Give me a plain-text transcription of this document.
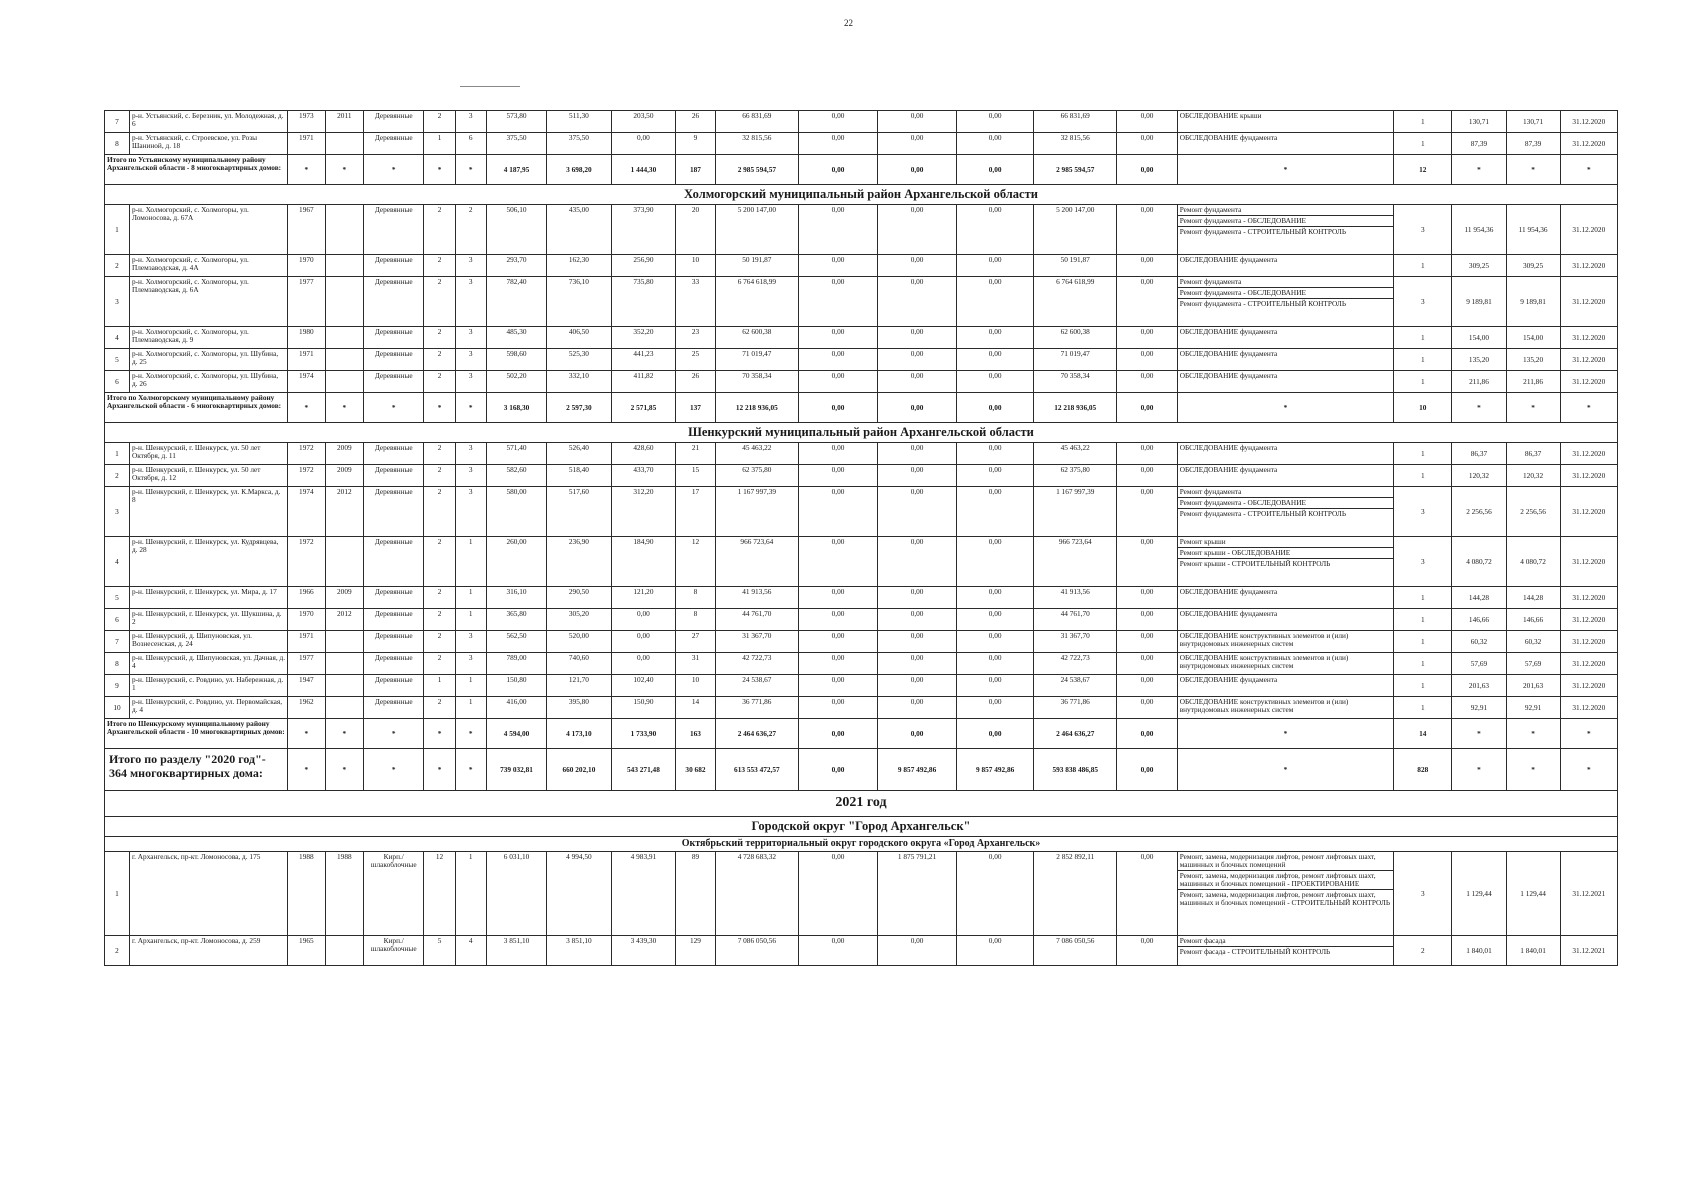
22
7	р-н. Устьянский, с. Березник, ул. Молодежная, д. 6	1973	2011	Деревянные	2	3	573,80	511,30	203,50	26	66 831,69	0,00	0,00	0,00	66 831,69	0,00	ОБСЛЕДОВАНИЕ крыши	1	130,71	130,71	31.12.2020
8	р-н. Устьянский, с. Строевское, ул. Розы Шаниной, д. 18	1971		Деревянные	1	6	375,50	375,50	0,00	9	32 815,56	0,00	0,00	0,00	32 815,56	0,00	ОБСЛЕДОВАНИЕ фундамента	1	87,39	87,39	31.12.2020
Итого по Устьянскому муниципальному району Архангельской области - 8 многоквартирных домов:		*	*	*	*	*	4 187,95	3 698,20	1 444,30	187	2 985 594,57	0,00	0,00	0,00	2 985 594,57	0,00	*	12	*	*	*
Холмогорский муниципальный район Архангельской области																					
1	р-н. Холмогорский, с. Холмогоры, ул. Ломоносова, д. 67А	1967		Деревянные	2	2	506,10	435,00	373,90	20	5 200 147,00	0,00	0,00	0,00	5 200 147,00	0,00	Ремонт фундамента
Ремонт фундамента - ОБСЛЕДОВАНИЕ
Ремонт фундамента - СТРОИТЕЛЬНЫЙ КОНТРОЛЬ	3	11 954,36	11 954,36	31.12.2020
2	р-н. Холмогорский, с. Холмогоры, ул. Племзаводская, д. 4А	1970		Деревянные	2	3	293,70	162,30	256,90	10	50 191,87	0,00	0,00	0,00	50 191,87	0,00	ОБСЛЕДОВАНИЕ фундамента	1	309,25	309,25	31.12.2020
3	р-н. Холмогорский, с. Холмогоры, ул. Племзаводская, д. 6А	1977		Деревянные	2	3	782,40	736,10	735,80	33	6 764 618,99	0,00	0,00	0,00	6 764 618,99	0,00	Ремонт фундамента
Ремонт фундамента - ОБСЛЕДОВАНИЕ
Ремонт фундамента - СТРОИТЕЛЬНЫЙ КОНТРОЛЬ	3	9 189,81	9 189,81	31.12.2020
4	р-н. Холмогорский, с. Холмогоры, ул. Племзаводская, д. 9	1980		Деревянные	2	3	485,30	406,50	352,20	23	62 600,38	0,00	0,00	0,00	62 600,38	0,00	ОБСЛЕДОВАНИЕ фундамента	1	154,00	154,00	31.12.2020
5	р-н. Холмогорский, с. Холмогоры, ул. Шубина, д. 25	1971		Деревянные	2	3	598,60	525,30	441,23	25	71 019,47	0,00	0,00	0,00	71 019,47	0,00	ОБСЛЕДОВАНИЕ фундамента	1	135,20	135,20	31.12.2020
6	р-н. Холмогорский, с. Холмогоры, ул. Шубина, д. 26	1974		Деревянные	2	3	502,20	332,10	411,82	26	70 358,34	0,00	0,00	0,00	70 358,34	0,00	ОБСЛЕДОВАНИЕ фундамента	1	211,86	211,86	31.12.2020
Итого по Холмогорскому муниципальному району Архангельской области - 6 многоквартирных домов:		*	*	*	*	*	3 168,30	2 597,30	2 571,85	137	12 218 936,05	0,00	0,00	0,00	12 218 936,05	0,00	*	10	*	*	*
Шенкурский муниципальный район Архангельской области																					
1	р-н. Шенкурский, г. Шенкурск, ул. 50 лет Октября, д. 11	1972	2009	Деревянные	2	3	571,40	526,40	428,60	21	45 463,22	0,00	0,00	0,00	45 463,22	0,00	ОБСЛЕДОВАНИЕ фундамента	1	86,37	86,37	31.12.2020
2	р-н. Шенкурский, г. Шенкурск, ул. 50 лет Октября, д. 12	1972	2009	Деревянные	2	3	582,60	518,40	433,70	15	62 375,80	0,00	0,00	0,00	62 375,80	0,00	ОБСЛЕДОВАНИЕ фундамента	1	120,32	120,32	31.12.2020
3	р-н. Шенкурский, г. Шенкурск, ул. К.Маркса, д. 8	1974	2012	Деревянные	2	3	580,00	517,60	312,20	17	1 167 997,39	0,00	0,00	0,00	1 167 997,39	0,00	Ремонт фундамента
Ремонт фундамента - ОБСЛЕДОВАНИЕ
Ремонт фундамента - СТРОИТЕЛЬНЫЙ КОНТРОЛЬ	3	2 256,56	2 256,56	31.12.2020
4	р-н. Шенкурский, г. Шенкурск, ул. Кудрявцева, д. 28	1972		Деревянные	2	1	260,00	236,90	184,90	12	966 723,64	0,00	0,00	0,00	966 723,64	0,00	Ремонт крыши
Ремонт крыши - ОБСЛЕДОВАНИЕ
Ремонт крыши - СТРОИТЕЛЬНЫЙ КОНТРОЛЬ	3	4 080,72	4 080,72	31.12.2020
5	р-н. Шенкурский, г. Шенкурск, ул. Мира, д. 17	1966	2009	Деревянные	2	1	316,10	290,50	121,20	8	41 913,56	0,00	0,00	0,00	41 913,56	0,00	ОБСЛЕДОВАНИЕ фундамента	1	144,28	144,28	31.12.2020
6	р-н. Шенкурский, г. Шенкурск, ул. Шукшина, д. 2	1970	2012	Деревянные	2	1	365,80	305,20	0,00	8	44 761,70	0,00	0,00	0,00	44 761,70	0,00	ОБСЛЕДОВАНИЕ фундамента	1	146,66	146,66	31.12.2020
7	р-н. Шенкурский, д. Шипуновская, ул. Вознесенская, д. 24	1971		Деревянные	2	3	562,50	520,00	0,00	27	31 367,70	0,00	0,00	0,00	31 367,70	0,00	ОБСЛЕДОВАНИЕ конструктивных элементов и (или) внутридомовых инженерных систем	1	60,32	60,32	31.12.2020
8	р-н. Шенкурский, д. Шипуновская, ул. Дачная, д. 4	1977		Деревянные	2	3	789,00	740,60	0,00	31	42 722,73	0,00	0,00	0,00	42 722,73	0,00	ОБСЛЕДОВАНИЕ конструктивных элементов и (или) внутридомовых инженерных систем	1	57,69	57,69	31.12.2020
9	р-н. Шенкурский, с. Ровдино, ул. Набережная, д. 1	1947		Деревянные	1	1	150,80	121,70	102,40	10	24 538,67	0,00	0,00	0,00	24 538,67	0,00	ОБСЛЕДОВАНИЕ фундамента	1	201,63	201,63	31.12.2020
10	р-н. Шенкурский, с. Ровдино, ул. Первомайская, д. 4	1962		Деревянные	2	1	416,00	395,80	150,90	14	36 771,86	0,00	0,00	0,00	36 771,86	0,00	ОБСЛЕДОВАНИЕ конструктивных элементов и (или) внутридомовых инженерных систем	1	92,91	92,91	31.12.2020
Итого по Шенкурскому муниципальному району Архангельской области - 10 многоквартирных домов:		*	*	*	*	*	4 594,00	4 173,10	1 733,90	163	2 464 636,27	0,00	0,00	0,00	2 464 636,27	0,00	*	14	*	*	*
Итого по разделу "2020 год"- 364 многоквартирных дома:		*	*	*	*	*	739 032,81	660 202,10	543 271,48	30 682	613 553 472,57	0,00	9 857 492,86	9 857 492,86	593 838 486,85	0,00	*	828	*	*	*
2021 год																					
Городской округ "Город Архангельск"																					
Октябрьский территориальный округ городского округа «Город Архангельск»																					
1	г. Архангельск, пр-кт. Ломоносова, д. 175	1988	1988	Кирп./шлакоблочные	12	1	6 031,10	4 994,50	4 983,91	89	4 728 683,32	0,00	1 875 791,21	0,00	2 852 892,11	0,00	Ремонт, замена, модернизация лифтов, ремонт лифтовых шахт, машинных и блочных помещений
Ремонт, замена, модернизация лифтов, ремонт лифтовых шахт, машинных и блочных помещений - ПРОЕКТИРОВАНИЕ
Ремонт, замена, модернизация лифтов, ремонт лифтовых шахт, машинных и блочных помещений - СТРОИТЕЛЬНЫЙ КОНТРОЛЬ	3	1 129,44	1 129,44	31.12.2021
2	г. Архангельск, пр-кт. Ломоносова, д. 259	1965		Кирп./шлакоблочные	5	4	3 851,10	3 851,10	3 439,30	129	7 086 050,56	0,00	0,00	0,00	7 086 050,56	0,00	Ремонт фасада
Ремонт фасада - СТРОИТЕЛЬНЫЙ КОНТРОЛЬ	2	1 840,01	1 840,01	31.12.2021
